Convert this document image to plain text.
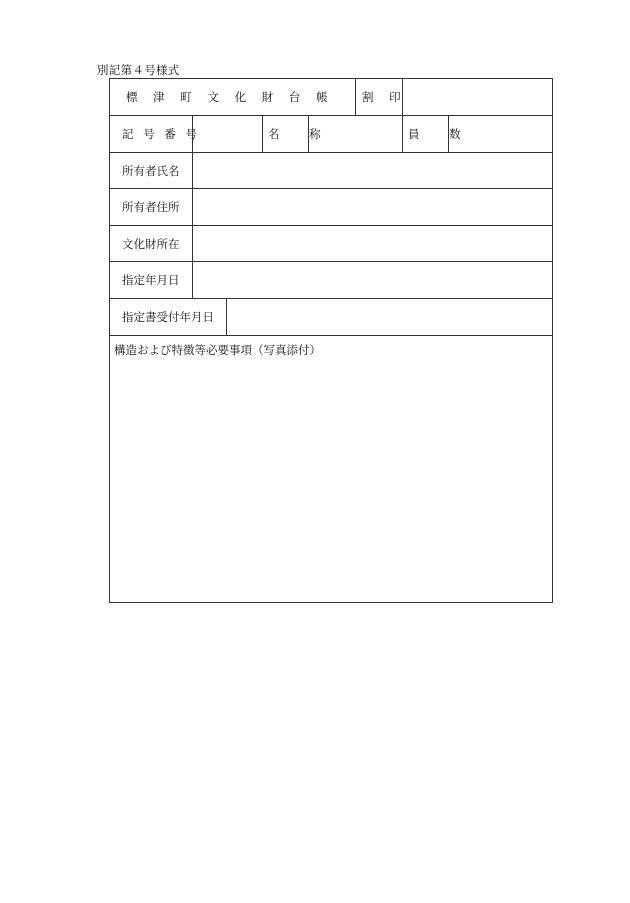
別記第４号様式
標 津 町 文 化 財 台 帳 割 印
記 号 番 号	名 称	員 数
所有者氏名
所有者住所
文化財所在
指定年月日
指定書受付年月日
構造および特徴等必要事項（写真添付）
